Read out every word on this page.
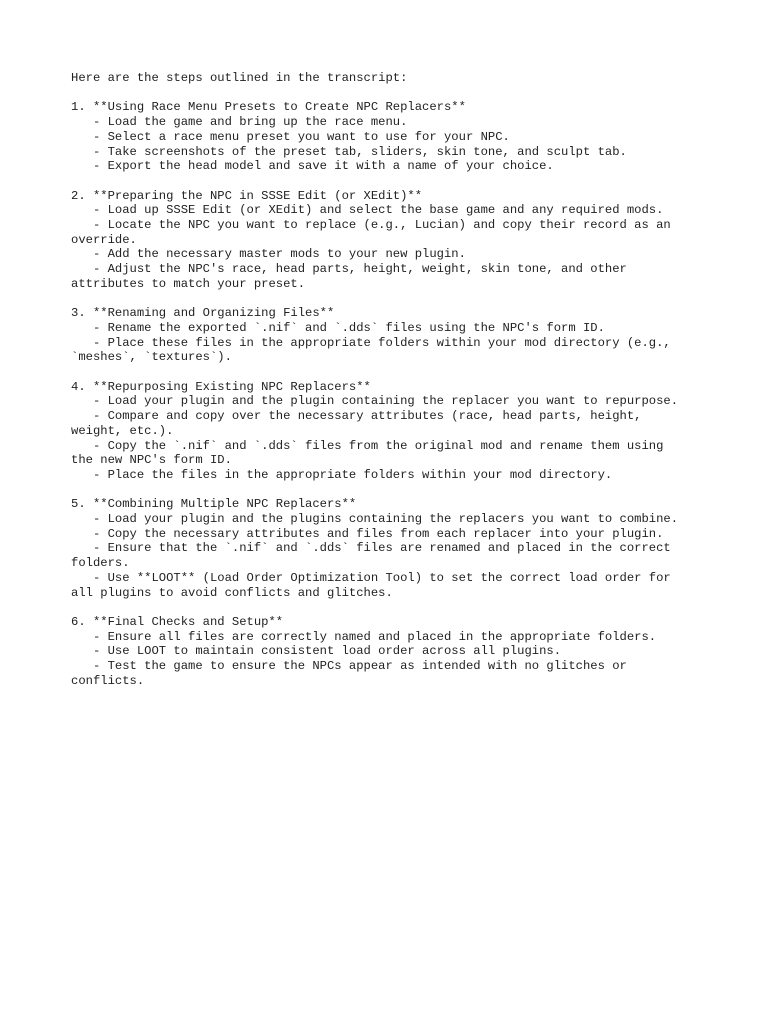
Here are the steps outlined in the transcript:
1. **Using Race Menu Presets to Create NPC Replacers**
- Load the game and bring up the race menu.
- Select a race menu preset you want to use for your NPC.
- Take screenshots of the preset tab, sliders, skin tone, and sculpt tab.
- Export the head model and save it with a name of your choice.
2. **Preparing the NPC in SSSE Edit (or XEdit)**
- Load up SSSE Edit (or XEdit) and select the base game and any required mods.
- Locate the NPC you want to replace (e.g., Lucian) and copy their record as an
override.
- Add the necessary master mods to your new plugin.
- Adjust the NPC's race, head parts, height, weight, skin tone, and other
attributes to match your preset.
3. **Renaming and Organizing Files**
- Rename the exported `.nif` and `.dds` files using the NPC's form ID.
- Place these files in the appropriate folders within your mod directory (e.g.,
`meshes`, `textures`).
4. **Repurposing Existing NPC Replacers**
- Load your plugin and the plugin containing the replacer you want to repurpose.
- Compare and copy over the necessary attributes (race, head parts, height,
weight, etc.).
- Copy the `.nif` and `.dds` files from the original mod and rename them using
the new NPC's form ID.
- Place the files in the appropriate folders within your mod directory.
5. **Combining Multiple NPC Replacers**
- Load your plugin and the plugins containing the replacers you want to combine.
- Copy the necessary attributes and files from each replacer into your plugin.
- Ensure that the `.nif` and `.dds` files are renamed and placed in the correct
folders.
- Use **LOOT** (Load Order Optimization Tool) to set the correct load order for
all plugins to avoid conflicts and glitches.
6. **Final Checks and Setup**
- Ensure all files are correctly named and placed in the appropriate folders.
- Use LOOT to maintain consistent load order across all plugins.
- Test the game to ensure the NPCs appear as intended with no glitches or
conflicts.
